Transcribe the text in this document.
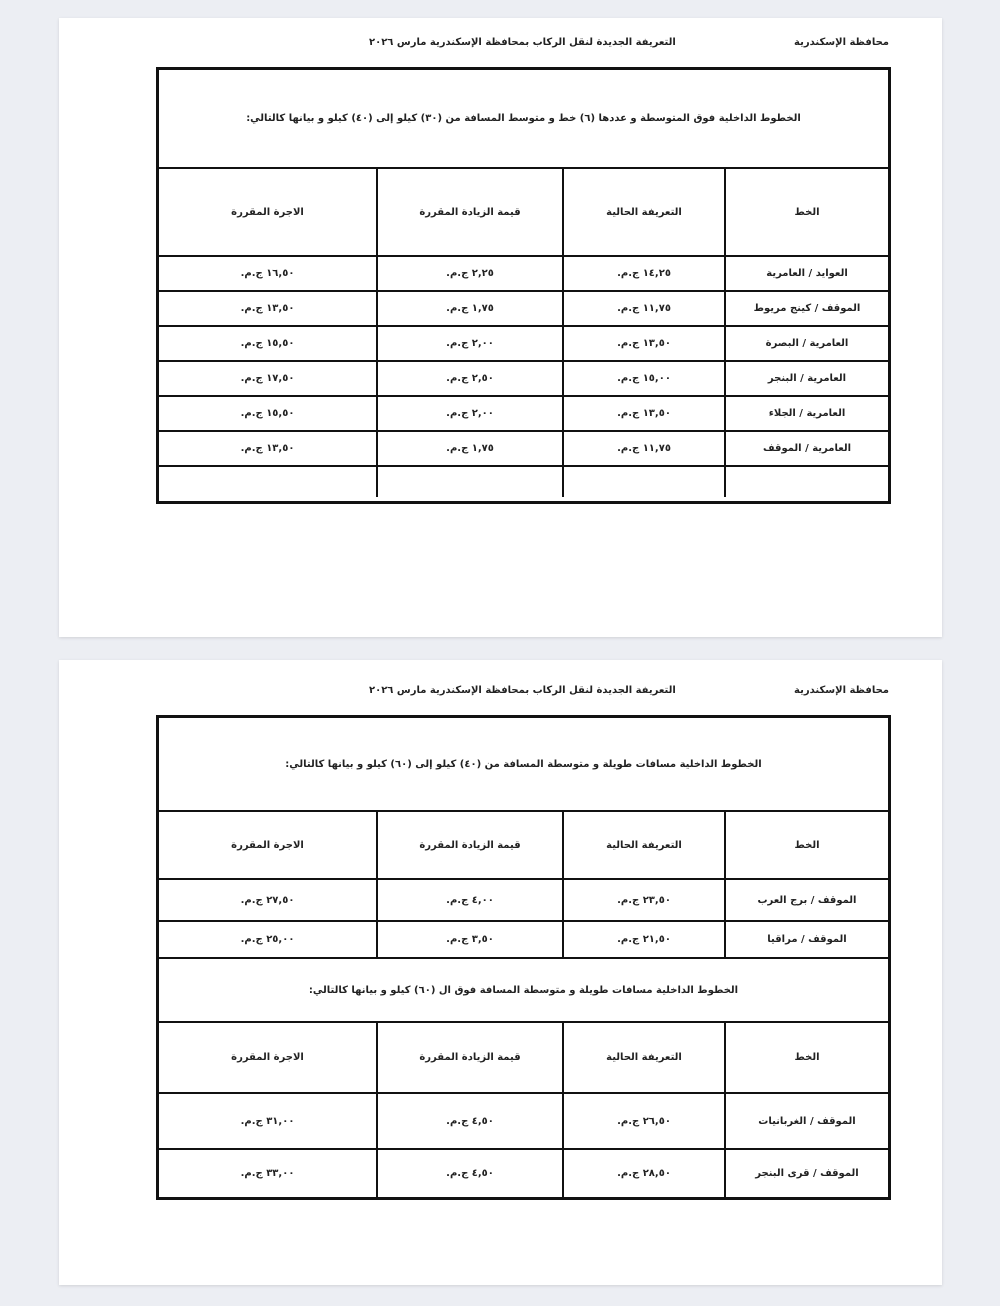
محافظة الإسكندرية
التعريفة الجديدة لنقل الركاب بمحافظة الإسكندرية مارس ٢٠٢٦
الخطوط الداخلية فوق المتوسطة و عددها (٦) خط و متوسط المسافة من (٣٠) كيلو إلى (٤٠) كيلو و بيانها كالتالي:
الخط
التعريفة الحالية
قيمة الزيادة المقررة
الاجرة المقررة
العوايد / العامرية
١٤,٢٥ ج.م.
٢,٢٥ ج.م.
١٦,٥٠ ج.م.
الموقف / كينج مريوط
١١,٧٥ ج.م.
١,٧٥ ج.م.
١٣,٥٠ ج.م.
العامرية / البصرة
١٣,٥٠ ج.م.
٢,٠٠ ج.م.
١٥,٥٠ ج.م.
العامرية / البنجر
١٥,٠٠ ج.م.
٢,٥٠ ج.م.
١٧,٥٠ ج.م.
العامرية / الجلاء
١٣,٥٠ ج.م.
٢,٠٠ ج.م.
١٥,٥٠ ج.م.
العامرية / الموقف
١١,٧٥ ج.م.
١,٧٥ ج.م.
١٣,٥٠ ج.م.
محافظة الإسكندرية
التعريفة الجديدة لنقل الركاب بمحافظة الإسكندرية مارس ٢٠٢٦
الخطوط الداخلية مسافات طويلة و متوسطة المسافة من (٤٠) كيلو إلى (٦٠) كيلو و بيانها كالتالي:
الخط
التعريفة الحالية
قيمة الزيادة المقررة
الاجرة المقررة
الموقف / برج العرب
٢٣,٥٠ ج.م.
٤,٠٠ ج.م.
٢٧,٥٠ ج.م.
الموقف / مراقيا
٢١,٥٠ ج.م.
٣,٥٠ ج.م.
٢٥,٠٠ ج.م.
الخطوط الداخلية مسافات طويلة و متوسطة المسافة فوق ال (٦٠) كيلو و بيانها كالتالي:
الخط
التعريفة الحالية
قيمة الزيادة المقررة
الاجرة المقررة
الموقف / الغربانيات
٢٦,٥٠ ج.م.
٤,٥٠ ج.م.
٣١,٠٠ ج.م.
الموقف / قرى البنجر
٢٨,٥٠ ج.م.
٤,٥٠ ج.م.
٣٣,٠٠ ج.م.
